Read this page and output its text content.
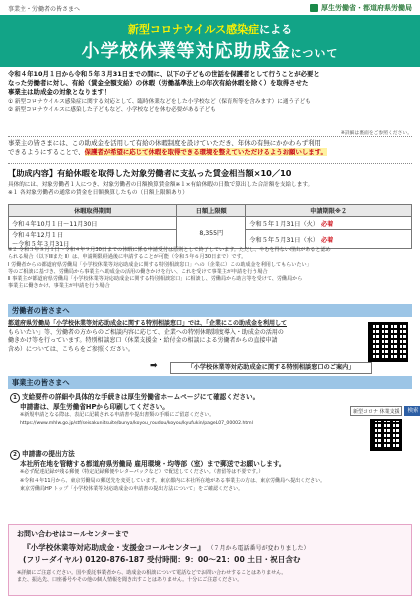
事業主・労働者の皆さまへ	厚生労働省・都道府県労働局
新型コロナウイルス感染症による
小学校休業等対応助成金について
令和４年10月１日から令和５年３月31日までの間に、以下の子どもの世話を保護者として行うことが必要と
なった労働者に対し、有給（賃金全額支給）の休暇（労働基準法上の年次有給休暇を除く）を取得させた
事業主は助成金の対象となります！
① 新型コロナウイルス感染症に関する対応として、臨時休業などをした小学校など（保育所等を含みます）に通う子ども
② 新型コロナウイルスに感染した子どもなど、小学校などを休む必要がある子ども
※詳細は裏面をご参照ください。
事業主の皆さまには、この助成金を活用して有給の休暇制度を設けていただき、年休の有無にかかわらず利用
できるようにすることで、保護者が希望に応じて休暇を取得できる環境を整えていただけるようお願いします。
【助成内容】有給休暇を取得した対象労働者に支払った賃金相当額×10／10
具体的には、対象労働者１人につき、対象労働者の日額換算賃金額※１×有給休暇の日数で算出した合計額を支給します。
※１ 各対象労働者の通常の賃金を日額換算したもの（日額上限額あり）
休暇取得期間	日額上限額	申請期限※２
令和４年10月１日～11月30日	8,355円	令和５年１月31日（火） 必着
令和４年12月１日
～令和５年３月31日		令和５年５月31日（水） 必着
※２ 令和３年８月１日～令和４年９月30日までの休暇に係る申請受付は原則として終了しています。ただし、やむを得ない理由があると認め
られる場合（以下ⅠⅡまた Ⅱ）は、申請期限経過後に申請することが可能（令和５年６月30日まで）です。
Ⅰ 労働者からの都道府県労働局「小学校休業等対応助成金に関する特別相談窓口」への（企業に）この助成金を利用してもらいたい」
等のご相談に基づき、労働局から事業主へ助成金の活用の働きかけを行い、これを受けて事業主が申請を行う場合
Ⅱ 事業主が都道府県労働局「小学校休業等対応助成金に関する特別相談窓口」に相談し、労働局から助言等を受けて、労働局から
事業主に働きかけ、事業主が申請を行う場合
労働者の皆さまへ
都道府県労働局「小学校休業等対応助成金に関する特別相談窓口」では、「企業にこの助成金を利用して
もらいたい」等、労働者の方からのご相談内容に応じて、企業への特別休暇制度導入・助成金の活用の
働きかけ等を行っています。特別相談窓口（休業支援金・給付金の相談による労働者からの直接申請
含め）については、こちらをご参照ください。
➡	「小学校休業等対応助成金に関する特別相談窓口のご案内」
事業主の皆さまへ
1 支給要件の詳細や具体的な手続きは厚生労働省ホームページにて確認ください。
申請書は、厚生労働省HPから印刷してください。
※新規申請となる際は、表記に記載される申請書や提出書類の手順にご留意ください。
https://www.mhlw.go.jp/stf/seisakunitsuite/bunya/koyou_roudou/koyou/kyufukin/pageL07_00002.html
新型コロナ 休業支援	検索
2 申請書の提出方法
本社所在地を管轄する都道府県労働局 雇用環境・均等部（室）まで郵送でお願いします。
※必ず配達記録が残る郵便（特定記録郵便やレターパックなど）で配送してください。（書留等は不要です。）
※令和４年11月から、東京労働局の郵送先を変更しています。東京都内に本社所在地がある事業主の方は、東京労働局へ提出ください。
東京労働局HP トップ「小学校休業等対応助成金の申請書の提出方法について」をご確認ください。
お問い合わせはコールセンターまで
『小学校休業等対応助成金・支援金コールセンター』 （７月から電話番号が変わりました）
(フリーダイヤル) 0120-876-187 受付時間：9：00～21：00 土日・祝日含む
※詳細にご注意ください。国や委託事業者から、助成金の相談について電話などでお問い合わせすることはありません。
また、振込先、口座番号やその他の個人情報を聞き出すことはありません。十分にご注意ください。
